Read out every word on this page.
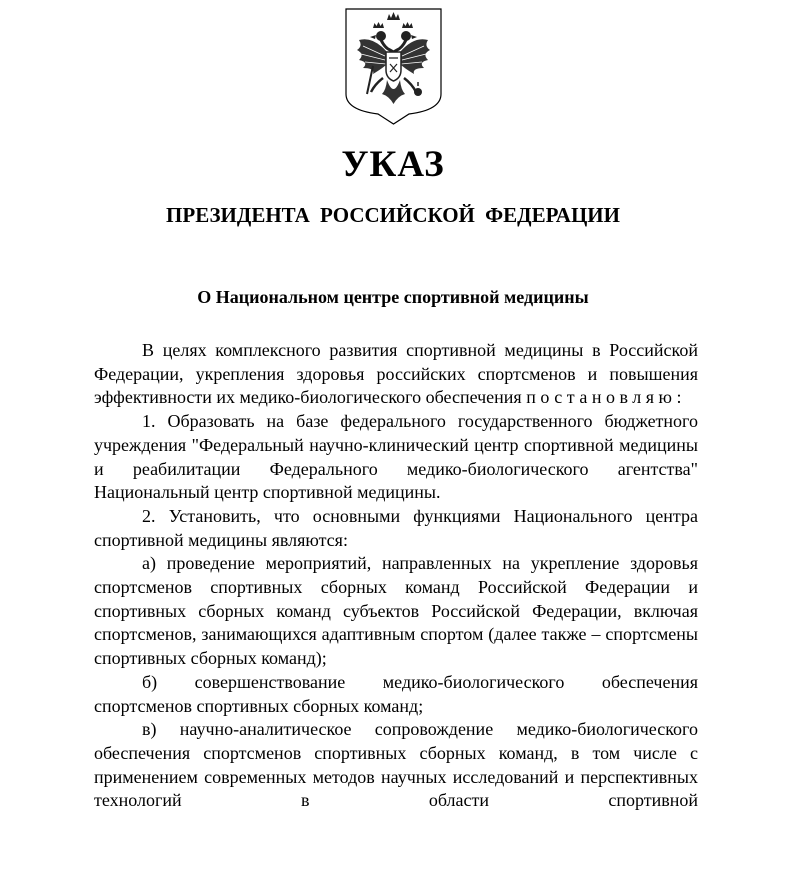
УКАЗ
ПРЕЗИДЕНТА РОССИЙСКОЙ ФЕДЕРАЦИИ
О Национальном центре спортивной медицины

В целях комплексного развития спортивной медицины в Российской Федерации, укрепления здоровья российских спортсменов и повышения эффективности их медико-биологического обеспечения постановляю:

1. Образовать на базе федерального государственного бюджетного учреждения "Федеральный научно-клинический центр спортивной медицины и реабилитации Федерального медико-биологического агентства" Национальный центр спортивной медицины.

2. Установить, что основными функциями Национального центра спортивной медицины являются:

а) проведение мероприятий, направленных на укрепление здоровья спортсменов спортивных сборных команд Российской Федерации и спортивных сборных команд субъектов Российской Федерации, включая спортсменов, занимающихся адаптивным спортом (далее также – спортсмены спортивных сборных команд);

б) совершенствование медико-биологического обеспечения спортсменов спортивных сборных команд;

в) научно-аналитическое сопровождение медико-биологического обеспечения спортсменов спортивных сборных команд, в том числе с применением современных методов научных исследований и перспективных технологий в области спортивной
